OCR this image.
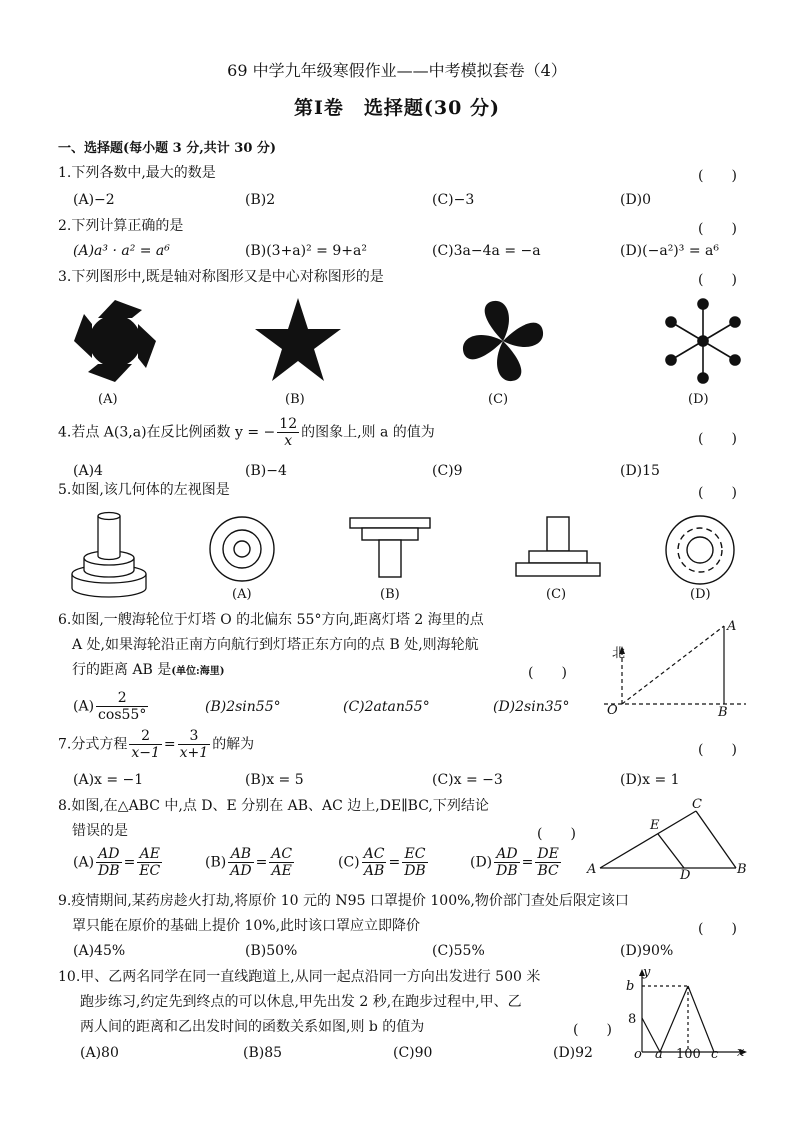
69 中学九年级寒假作业——中考模拟套卷（4）
第Ⅰ卷　选择题(30 分)
一、选择题(每小题 3 分,共计 30 分)
1.下列各数中,最大的数是	(　　)
(A)−2	(B)2	(C)−3	(D)0
2.下列计算正确的是	(　　)
(A)a³ · a² = a⁶	(B)(3+a)² = 9+a²	(C)3a−4a = −a	(D)(−a²)³ = a⁶
3.下列图形中,既是轴对称图形又是中心对称图形的是	(　　)
(A)	(B)	(C)	(D)
4.若点 A(3,a)在反比例函数 y = − $\frac{12}{x}$ 的图象上,则 a 的值为	(　　)
(A)4	(B)−4	(C)9	(D)15
5.如图,该几何体的左视图是	(　　)
(A)	(B)	(C)	(D)
6.如图,一艘海轮位于灯塔 O 的北偏东 55°方向,距离灯塔 2 海里的点
A 处,如果海轮沿正南方向航行到灯塔正东方向的点 B 处,则海轮航
行的距离 AB 是(单位:海里)	(　　)
$(A) \frac{2}{\cos 55^\circ}$	(B)2sin55°	(C)2atan55°	(D)2sin35°
北
O
A
B
7.分式方程 $\frac{2}{x-1} = \frac{3}{x+1}$ 的解为	(　　)
(A)x = −1	(B)x = 5	(C)x = −3	(D)x = 1
8.如图,在△ABC 中,点 D、E 分别在 AB、AC 边上,DE∥BC,下列结论
错误的是	(　　)
$(A) \frac{AD}{DB} = \frac{AE}{EC}$	$(B) \frac{AB}{AD} = \frac{AC}{AE}$	$(C) \frac{AC}{AB} = \frac{EC}{DB}$	$(D) \frac{AD}{DB} = \frac{DE}{BC}$ A	B
C
D
E
9.疫情期间,某药房趁火打劫,将原价 10 元的 N95 口罩提价 100%,物价部门查处后限定该口
罩只能在原价的基础上提价 10%,此时该口罩应立即降价	(　　)
(A)45%	(B)50%	(C)55%	(D)90%
10.甲、乙两名同学在同一直线跑道上,从同一起点沿同一方向出发进行 500 米
跑步练习,约定先到终点的可以休息,甲先出发 2 秒,在跑步过程中,甲、乙
两人间的距离和乙出发时间的函数关系如图,则 b 的值为	(　　)
(A)80	(B)85	(C)90	(D)92
y
b
8
o a 100 c x
